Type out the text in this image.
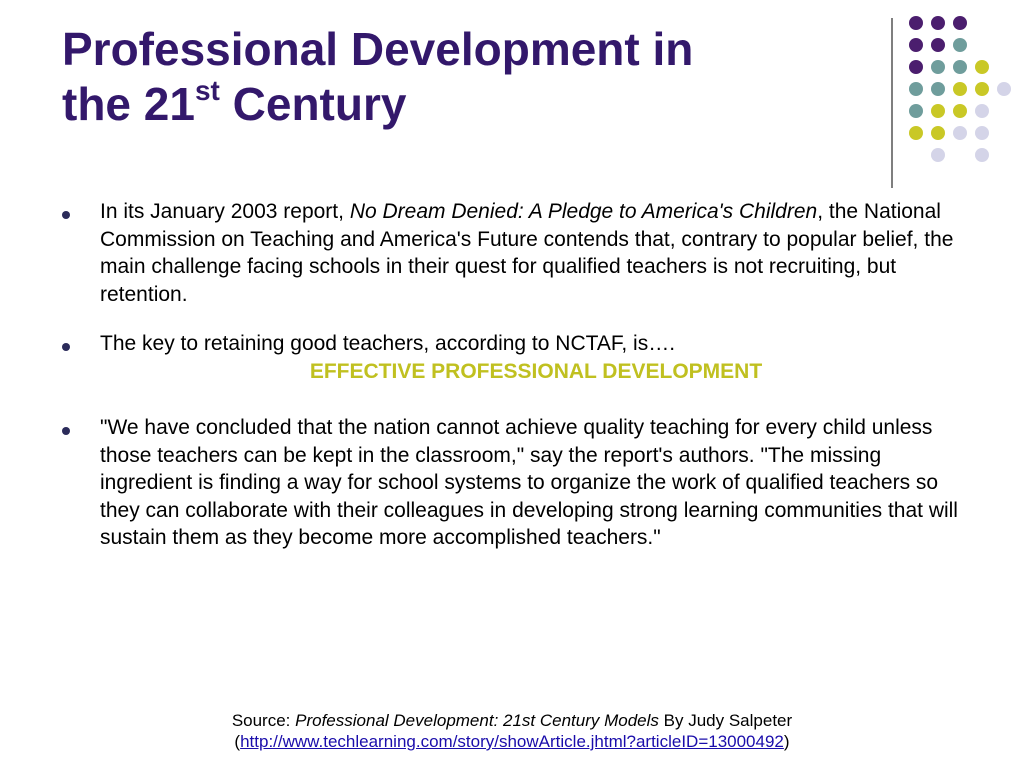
Professional Development in
the 21st Century
In its January 2003 report, No Dream Denied: A Pledge to America's Children, the National Commission on Teaching and America's Future contends that, contrary to popular belief, the main challenge facing schools in their quest for qualified teachers is not recruiting, but retention.
The key to retaining good teachers, according to NCTAF, is….
EFFECTIVE PROFESSIONAL DEVELOPMENT
"We have concluded that the nation cannot achieve quality teaching for every child unless those teachers can be kept in the classroom," say the report's authors. "The missing ingredient is finding a way for school systems to organize the work of qualified teachers so they can collaborate with their colleagues in developing strong learning communities that will sustain them as they become more accomplished teachers."
Source: Professional Development: 21st Century Models By Judy Salpeter
(http://www.techlearning.com/story/showArticle.jhtml?articleID=13000492)
